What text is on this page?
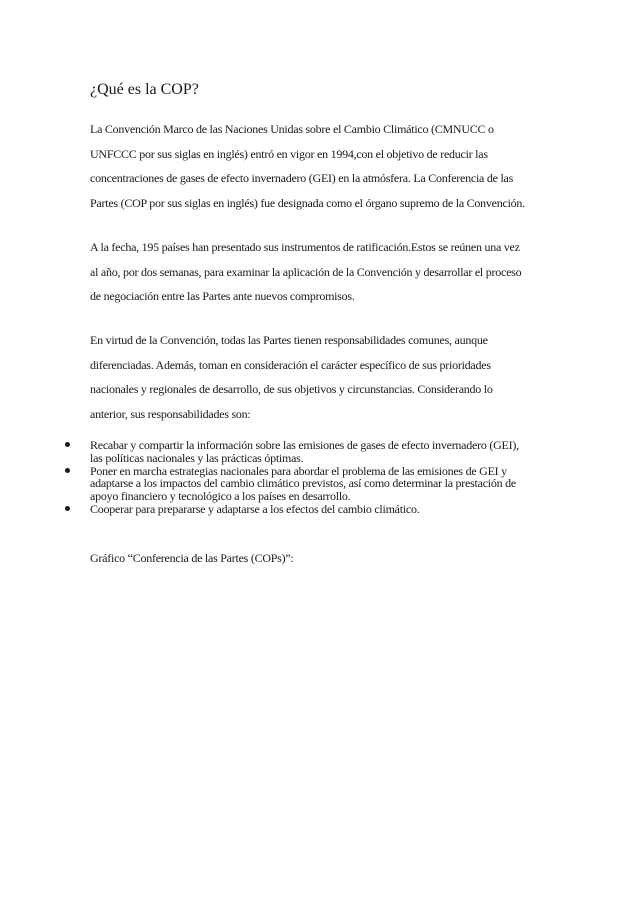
¿Qué es la COP?
La Convención Marco de las Naciones Unidas sobre el Cambio Climático (CMNUCC o
UNFCCC por sus siglas en inglés) entró en vigor en 1994,con el objetivo de reducir las
concentraciones de gases de efecto invernadero (GEI) en la atmósfera. La Conferencia de las
Partes (COP por sus siglas en inglés) fue designada como el órgano supremo de la Convención.
A la fecha, 195 países han presentado sus instrumentos de ratificación.Estos se reúnen una vez
al año, por dos semanas, para examinar la aplicación de la Convención y desarrollar el proceso
de negociación entre las Partes ante nuevos compromisos.
En virtud de la Convención, todas las Partes tienen responsabilidades comunes, aunque
diferenciadas. Además, toman en consideración el carácter específico de sus prioridades
nacionales y regionales de desarrollo, de sus objetivos y circunstancias. Considerando lo
anterior, sus responsabilidades son:
Recabar y compartir la información sobre las emisiones de gases de efecto invernadero (GEI),
las políticas nacionales y las prácticas óptimas.
Poner en marcha estrategias nacionales para abordar el problema de las emisiones de GEI y
adaptarse a los impactos del cambio climático previstos, así como determinar la prestación de
apoyo financiero y tecnológico a los países en desarrollo.
Cooperar para prepararse y adaptarse a los efectos del cambio climático.
Gráfico “Conferencia de las Partes (COPs)”:
